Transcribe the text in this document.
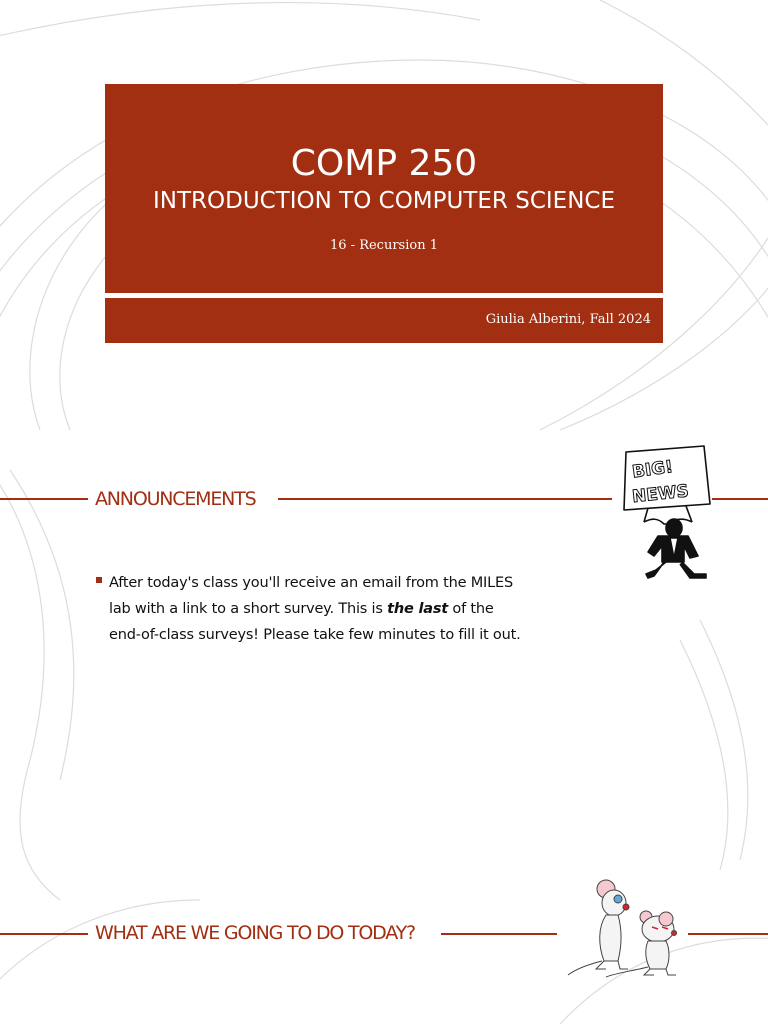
COMP 250
INTRODUCTION TO COMPUTER SCIENCE
16 - Recursion 1
Giulia Alberini, Fall 2024
ANNOUNCEMENTS
After today's class you'll receive an email from the MILES lab with a link to a short survey. This is the last of the end-of-class surveys! Please take few minutes to fill it out.
BIG!
NEWS
WHAT ARE WE GOING TO DO TODAY?
